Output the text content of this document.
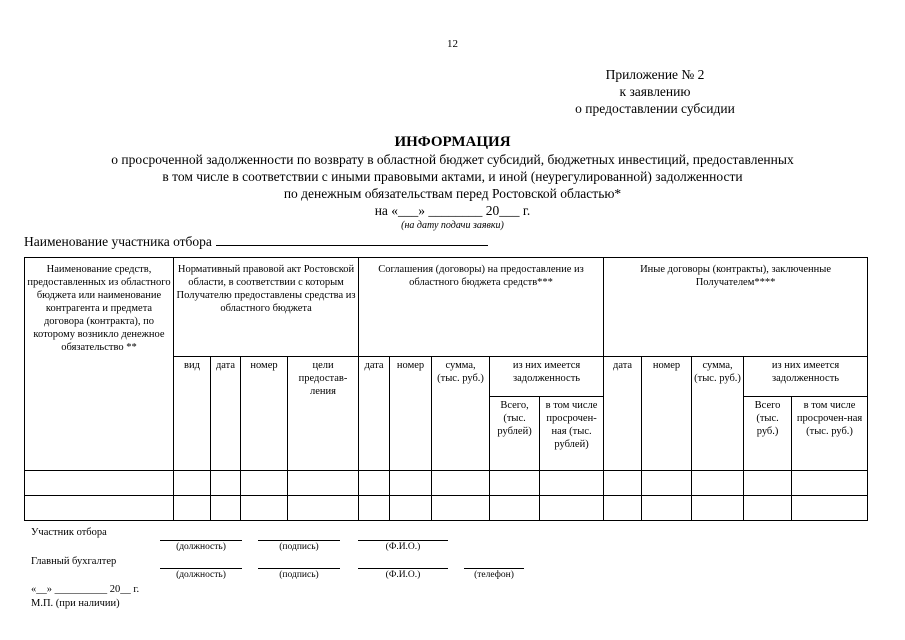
12
Приложение № 2
к заявлению
о предоставлении субсидии
ИНФОРМАЦИЯ
о просроченной задолженности по возврату в областной бюджет субсидий, бюджетных инвестиций, предоставленных
в том числе в соответствии с иными правовыми актами, и иной (неурегулированной) задолженности
по денежным обязательствам перед Ростовской областью*
на «___» ________ 20___ г.
(на дату подачи заявки)
Наименование участника отбора
Наименование средств, предоставленных из областного бюджета или наименование контрагента и предмета договора (контракта), по которому возникло денежное обязательство **	Нормативный правовой акт Ростовской области, в соответствии с которым Получателю предоставлены средства из областного бюджета				Соглашения (договоры) на предоставление из областного бюджета средств***					Иные договоры (контракты), заключенные Получателем****				

	вид	дата	номер	цели предостав-ления	дата	номер	сумма, (тыс. руб.)	из них имеется задолженность		дата	номер	сумма, (тыс. руб.)	из них имеется задолженность	
								Всего, (тыс. рублей)	в том числе просрочен-ная (тыс. рублей)				Всего (тыс. руб.)	в том числе просрочен-ная (тыс. руб.)

Участник отбора
(должность)	(подпись)	(Ф.И.О.)
Главный бухгалтер
(должность)	(подпись)	(Ф.И.О.)	(телефон)
«__» __________ 20__ г.
М.П. (при наличии)
